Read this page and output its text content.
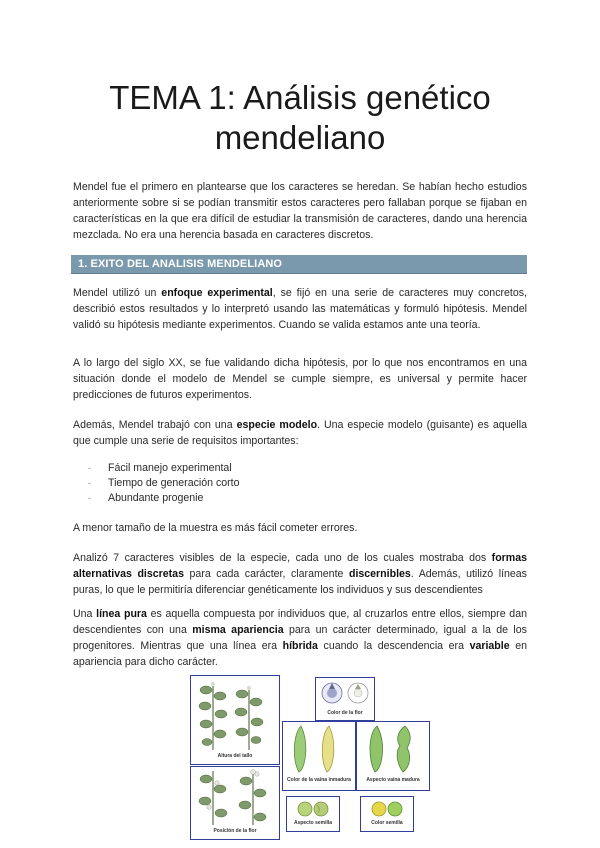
TEMA 1: Análisis genético
mendeliano

Mendel fue el primero en plantearse que los caracteres se heredan. Se habían hecho estudios anteriormente sobre si se podían transmitir estos caracteres pero fallaban porque se fijaban en características en la que era difícil de estudiar la transmisión de caracteres, dando una herencia mezclada. No era una herencia basada en caracteres discretos.

1. EXITO DEL ANALISIS MENDELIANO

Mendel utilizó un enfoque experimental, se fijó en una serie de caracteres muy concretos, describió estos resultados y lo interpretó usando las matemáticas y formuló hipótesis. Mendel validó su hipótesis mediante experimentos. Cuando se valida estamos ante una teoría.

A lo largo del siglo XX, se fue validando dicha hipótesis, por lo que nos encontramos en una situación donde el modelo de Mendel se cumple siempre, es universal y permite hacer predicciones de futuros experimentos.

Además, Mendel trabajó con una especie modelo. Una especie modelo (guisante) es aquella que cumple una serie de requisitos importantes:

- Fácil manejo experimental
- Tiempo de generación corto
- Abundante progenie

A menor tamaño de la muestra es más fácil cometer errores.

Analizó 7 caracteres visibles de la especie, cada uno de los cuales mostraba dos formas alternativas discretas para cada carácter, claramente discernibles. Además, utilizó líneas puras, lo que le permitiría diferenciar genéticamente los individuos y sus descendientes

Una línea pura es aquella compuesta por individuos que, al cruzarlos entre ellos, siempre dan descendientes con una misma apariencia para un carácter determinado, igual a la de los progenitores. Mientras que una línea era híbrida cuando la descendencia era variable en apariencia para dicho carácter.

Altura del tallo
Posición de la flor
Color de la flor
Color de la vaina inmadura	Aspecto vaina madura
Aspecto semilla	Color semilla
